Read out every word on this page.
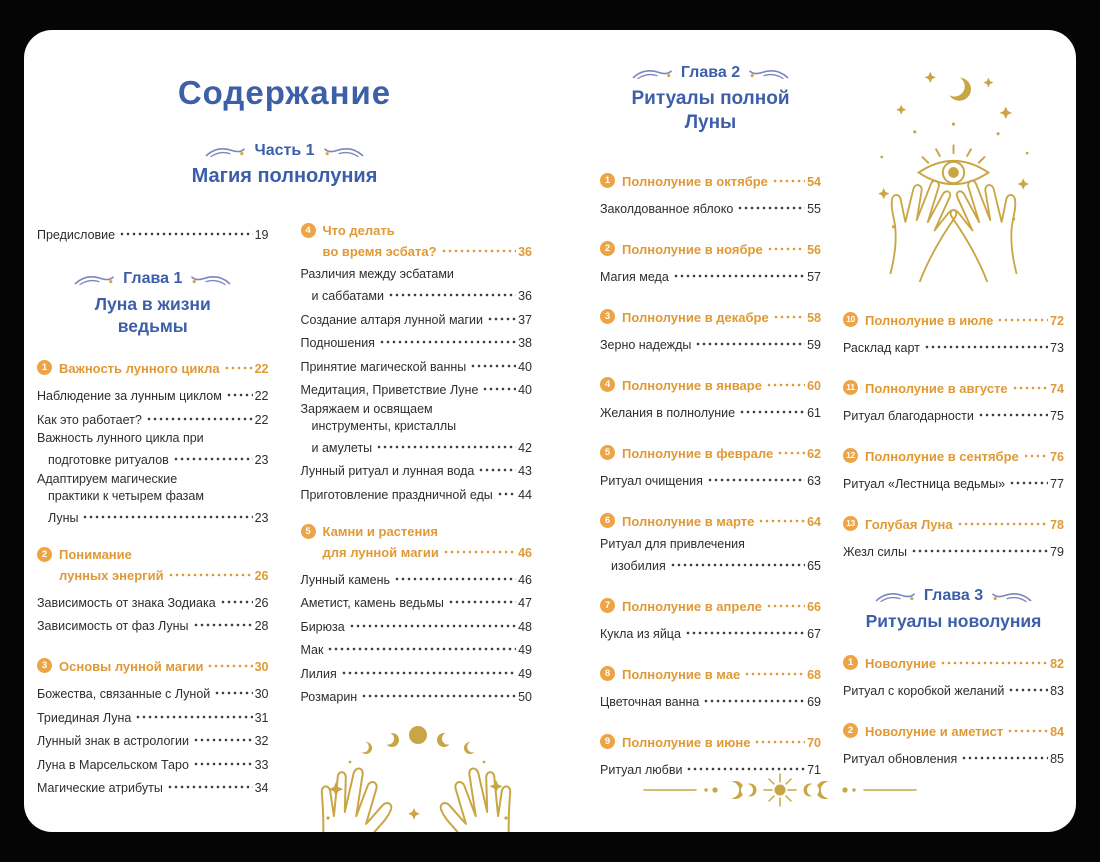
Содержание
Часть 1
Магия полнолуния
Предисловие	19
Глава 1
Луна в жизни
ведьмы
1 Важность лунного цикла	22
Наблюдение за лунным циклом	22
Как это работает?	22
Важность лунного цикла при
подготовке ритуалов	23
Адаптируем магические
практики к четырем фазам
Луны	23
2 Понимание
лунных энергий	26
Зависимость от знака Зодиака	26
Зависимость от фаз Луны	28
3 Основы лунной магии	30
Божества, связанные с Луной	30
Триединая Луна	31
Лунный знак в астрологии	32
Луна в Марсельском Таро	33
Магические атрибуты	34
4 Что делать
во время эсбата?	36
Различия между эсбатами
и саббатами	36
Создание алтаря лунной магии	37
Подношения	38
Принятие магической ванны	40
Медитация, Приветствие Луне	40
Заряжаем и освящаем
инструменты, кристаллы
и амулеты	42
Лунный ритуал и лунная вода	43
Приготовление праздничной еды 44
5 Камни и растения
для лунной магии	46
Лунный камень	46
Аметист, камень ведьмы	47
Бирюза	48
Мак	49
Лилия	49
Розмарин	50
Глава 2
Ритуалы полной
Луны
1 Полнолуние в октябре	54
Заколдованное яблоко	55
2 Полнолуние в ноябре	56
Магия меда	57
3 Полнолуние в декабре	58
Зерно надежды	59
4 Полнолуние в январе	60
Желания в полнолуние	61
5 Полнолуние в феврале	62
Ритуал очищения	63
6 Полнолуние в марте	64
Ритуал для привлечения
изобилия	65
7 Полнолуние в апреле	66
Кукла из яйца	67
8 Полнолуние в мае	68
Цветочная ванна	69
9 Полнолуние в июне	70
Ритуал любви	71
10 Полнолуние в июле	72
Расклад карт	73
11 Полнолуние в августе	74
Ритуал благодарности	75
12 Полнолуние в сентябре	76
Ритуал «Лестница ведьмы»	77
13 Голубая Луна	78
Жезл силы	79
Глава 3
Ритуалы новолуния
1 Новолуние	82
Ритуал с коробкой желаний	83
2 Новолуние и аметист	84
Ритуал обновления	85
